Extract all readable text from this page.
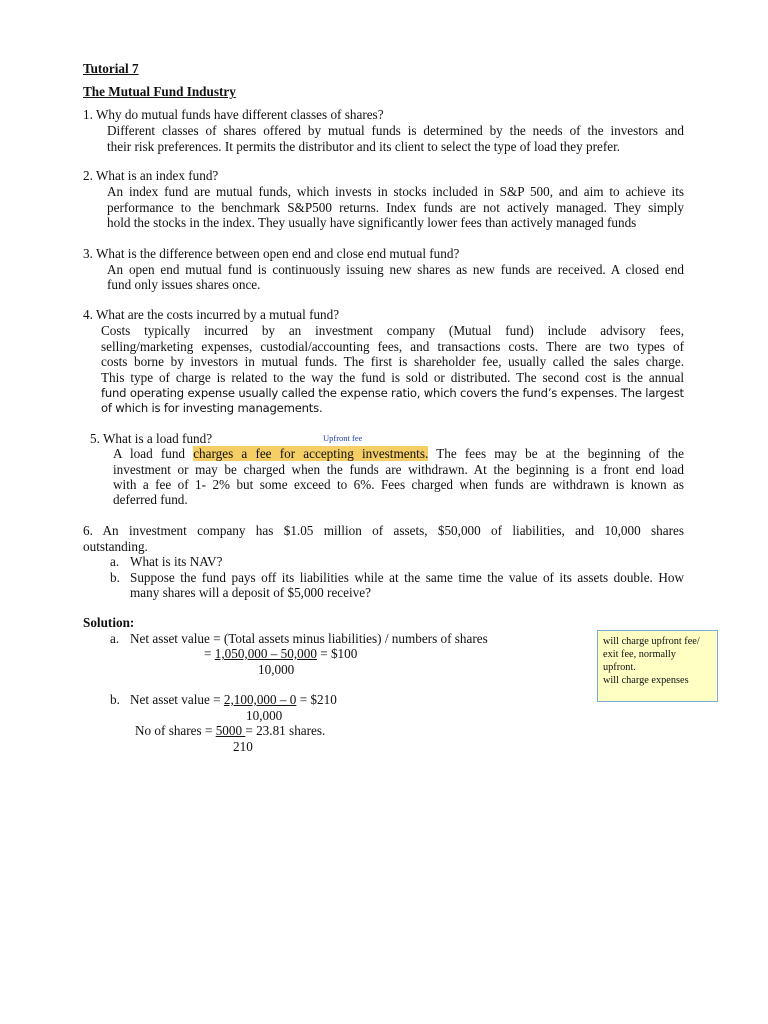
Tutorial 7
The Mutual Fund Industry
1. Why do mutual funds have different classes of shares?
Different classes of shares offered by mutual funds is determined by the needs of the investors and
their risk preferences. It permits the distributor and its client to select the type of load they prefer.
2. What is an index fund?
An index fund are mutual funds, which invests in stocks included in S&P 500, and aim to achieve its
performance to the benchmark S&P500 returns. Index funds are not actively managed. They simply
hold the stocks in the index. They usually have significantly lower fees than actively managed funds
3. What is the difference between open end and close end mutual fund?
An open end mutual fund is continuously issuing new shares as new funds are received. A closed end
fund only issues shares once.
4. What are the costs incurred by a mutual fund?
Costs typically incurred by an investment company (Mutual fund) include advisory fees,
selling/marketing expenses, custodial/accounting fees, and transactions costs. There are two types of
costs borne by investors in mutual funds. The first is shareholder fee, usually called the sales charge.
This type of charge is related to the way the fund is sold or distributed. The second cost is the annual
fund operating expense usually called the expense ratio, which covers the fund’s expenses. The largest
of which is for investing managements.
5. What is a load fund?	Upfront fee
A load fund charges a fee for accepting investments. The fees may be at the beginning of the
investment or may be charged when the funds are withdrawn. At the beginning is a front end load
with a fee of 1- 2% but some exceed to 6%. Fees charged when funds are withdrawn is known as
deferred fund.
6. An investment company has $1.05 million of assets, $50,000 of liabilities, and 10,000 shares
outstanding.
a. What is its NAV?
b. Suppose the fund pays off its liabilities while at the same time the value of its assets double. How
many shares will a deposit of $5,000 receive?
Solution:
a. Net asset value = (Total assets minus liabilities) / numbers of shares
= 1,050,000 – 50,000 = $100
10,000
b. Net asset value = 2,100,000 – 0 = $210
10,000
No of shares = 5000 = 23.81 shares.
210
will charge upfront fee/
exit fee, normally
upfront.
will charge expenses
